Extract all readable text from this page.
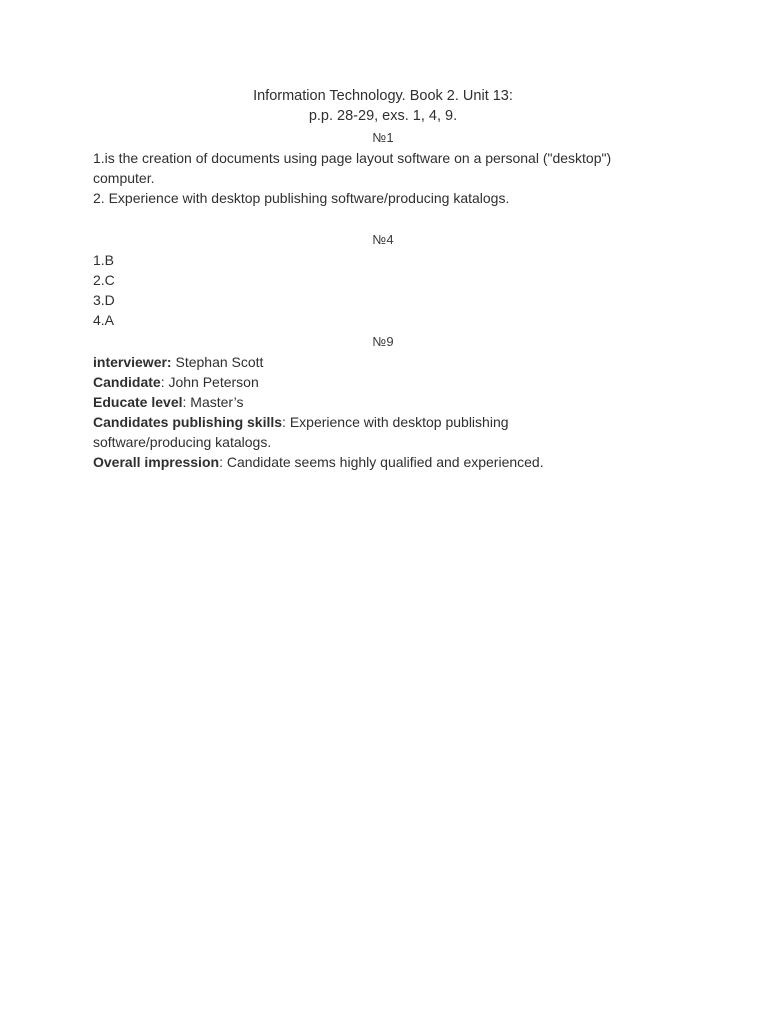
Information Technology. Book 2. Unit 13:
p.p. 28-29, exs. 1, 4, 9.
№1
1.is the creation of documents using page layout software on a personal ("desktop") computer.
2. Experience with desktop publishing software/producing katalogs.
№4
1.B
2.C
3.D
4.A
№9
interviewer: Stephan Scott
Candidate: John Peterson
Educate level: Master’s
Candidates publishing skills: Experience with desktop publishing software/producing katalogs.
Overall impression: Candidate seems highly qualified and experienced.
